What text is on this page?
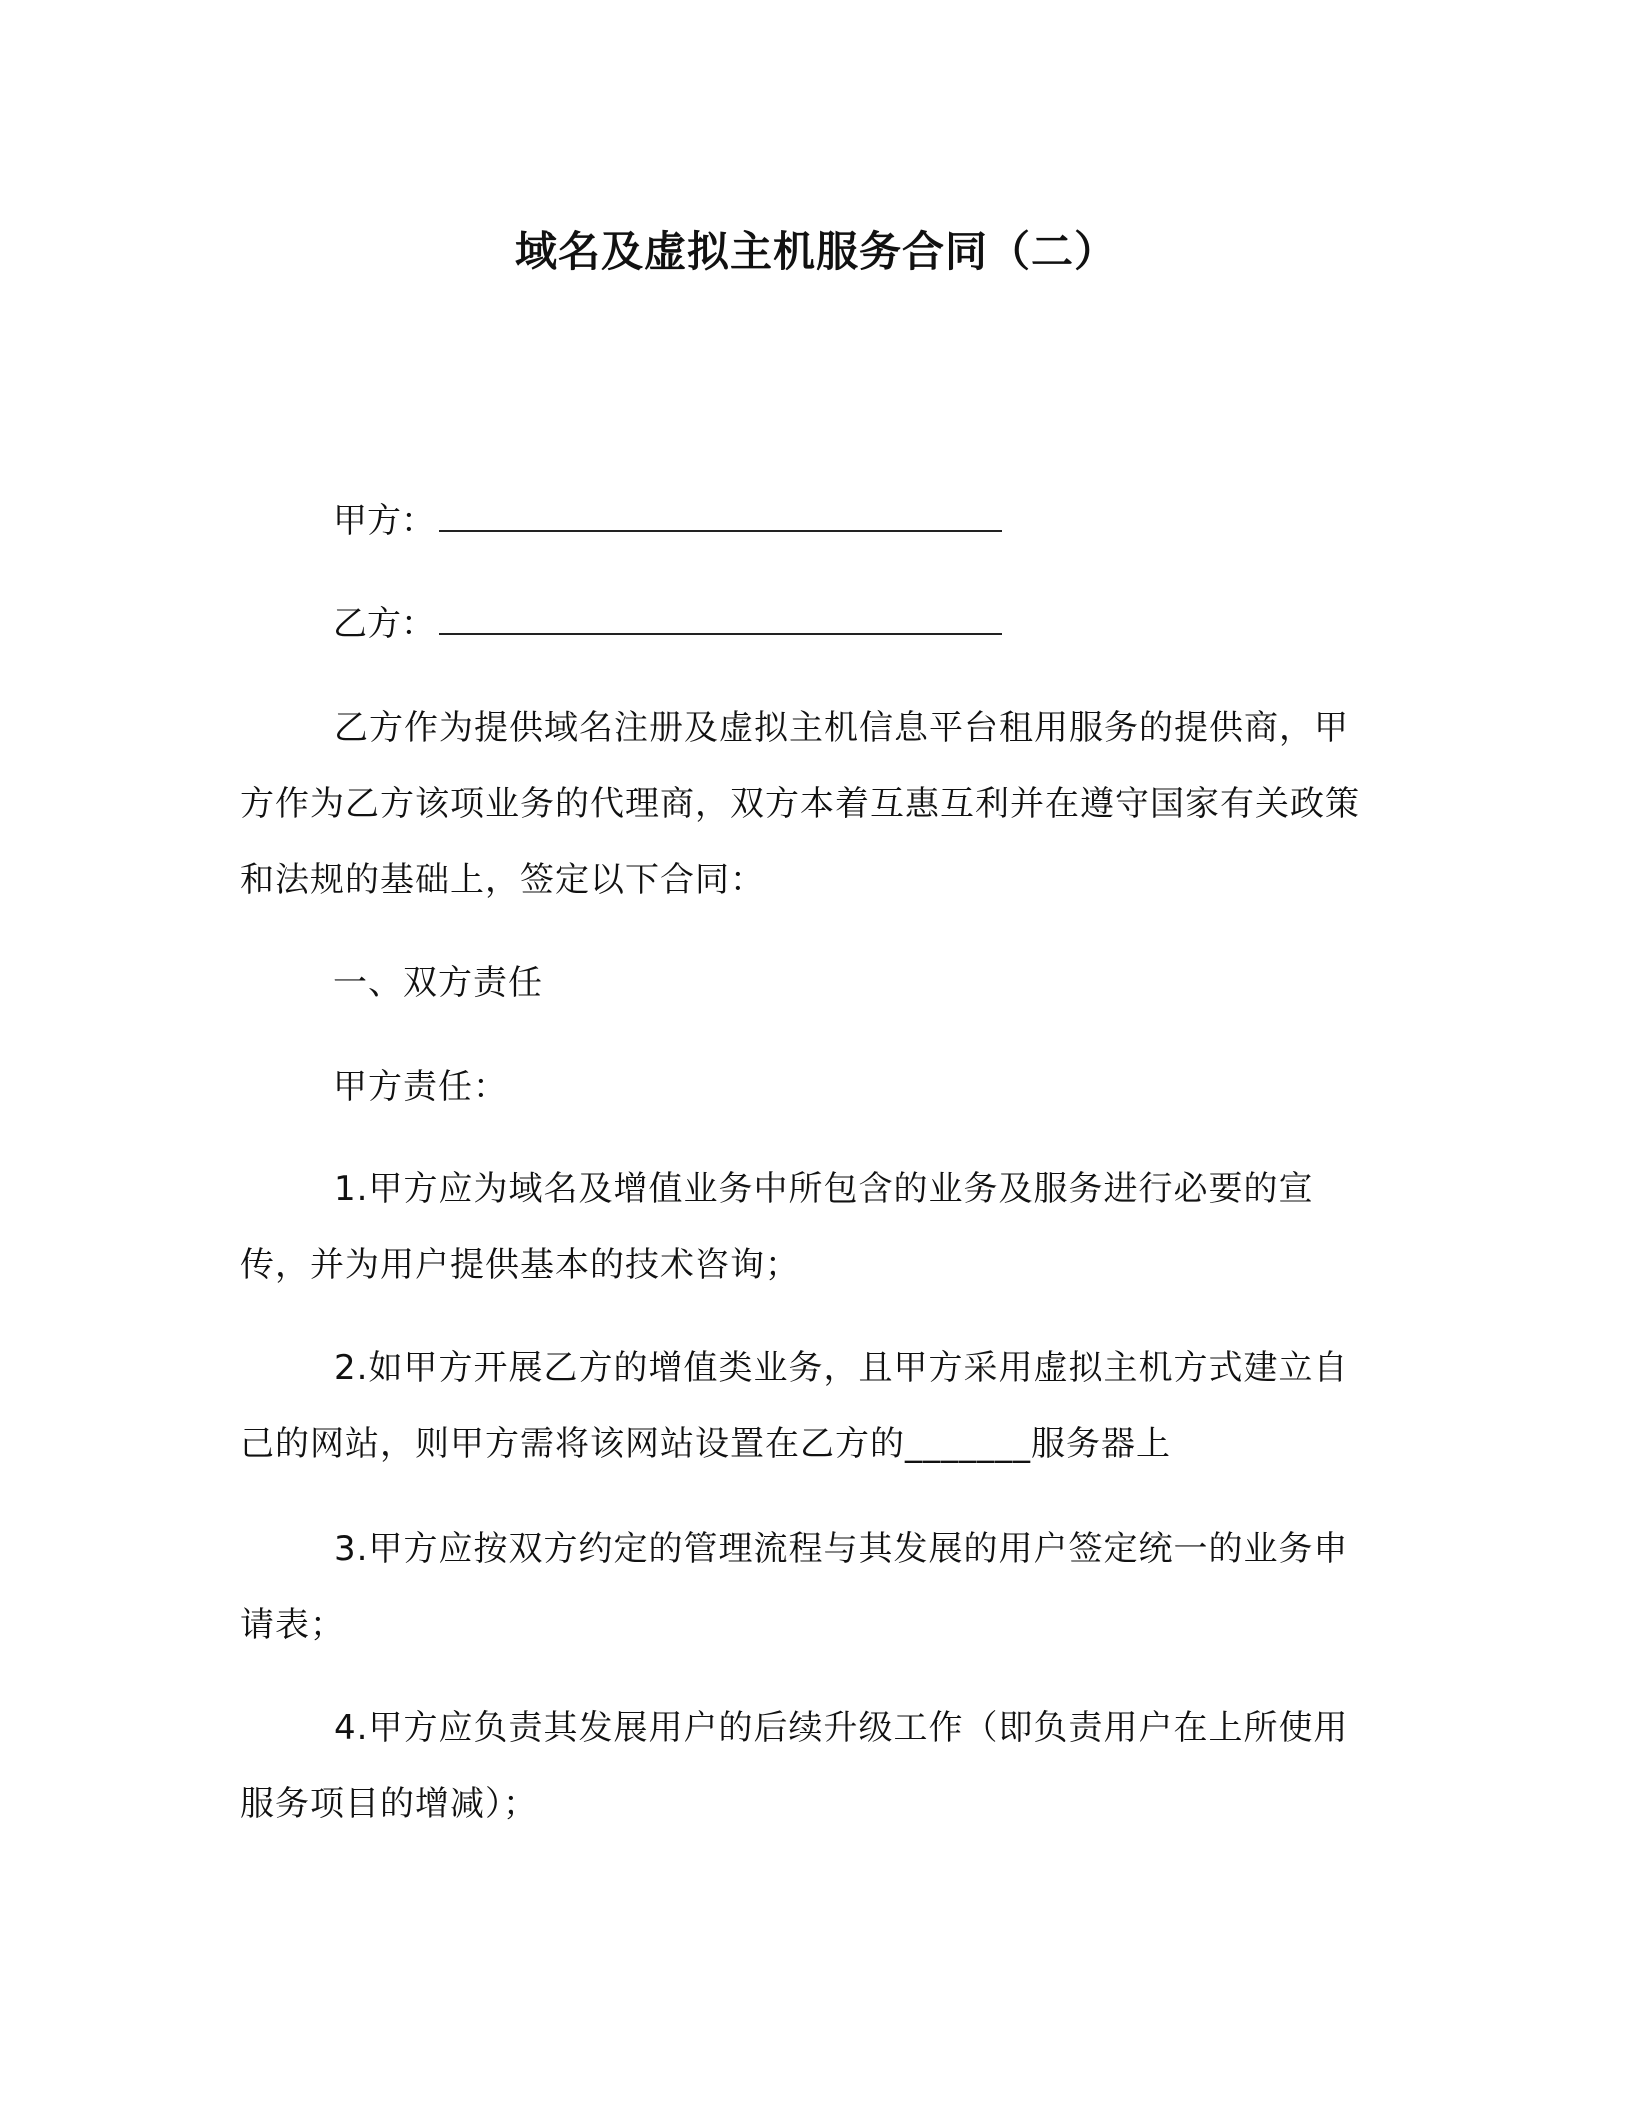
域名及虚拟主机服务合同（二）
甲方：
乙方：
乙方作为提供域名注册及虚拟主机信息平台租用服务的提供商，甲方作为乙方该项业务的代理商，双方本着互惠互利并在遵守国家有关政策和法规的基础上，签定以下合同：
一、双方责任
甲方责任：
1.甲方应为域名及增值业务中所包含的业务及服务进行必要的宣传，并为用户提供基本的技术咨询；
2.如甲方开展乙方的增值类业务，且甲方采用虚拟主机方式建立自己的网站，则甲方需将该网站设置在乙方的_______服务器上
3.甲方应按双方约定的管理流程与其发展的用户签定统一的业务申请表；
4.甲方应负责其发展用户的后续升级工作（即负责用户在上所使用服务项目的增减）；
